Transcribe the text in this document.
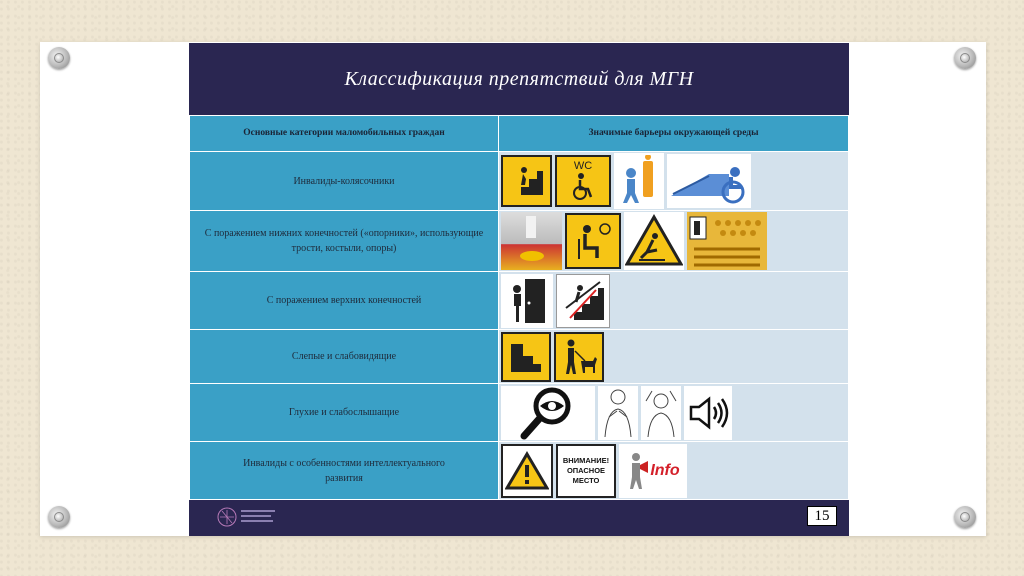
Классификация препятствий для МГН
Основные категории маломобильных граждан	Значимые барьеры окружающей среды
Инвалиды-колясочники	WC

С поражением нижних конечностей («опорники», использующие трости, костыли, опоры)	

С поражением верхних конечностей	

Слепые и слабовидящие	

Глухие и слабослышащие	

Инвалиды с особенностями интеллектуального развития	ВНИМАНИЕ!
ОПАСНОЕ
МЕСТО
Info
15
